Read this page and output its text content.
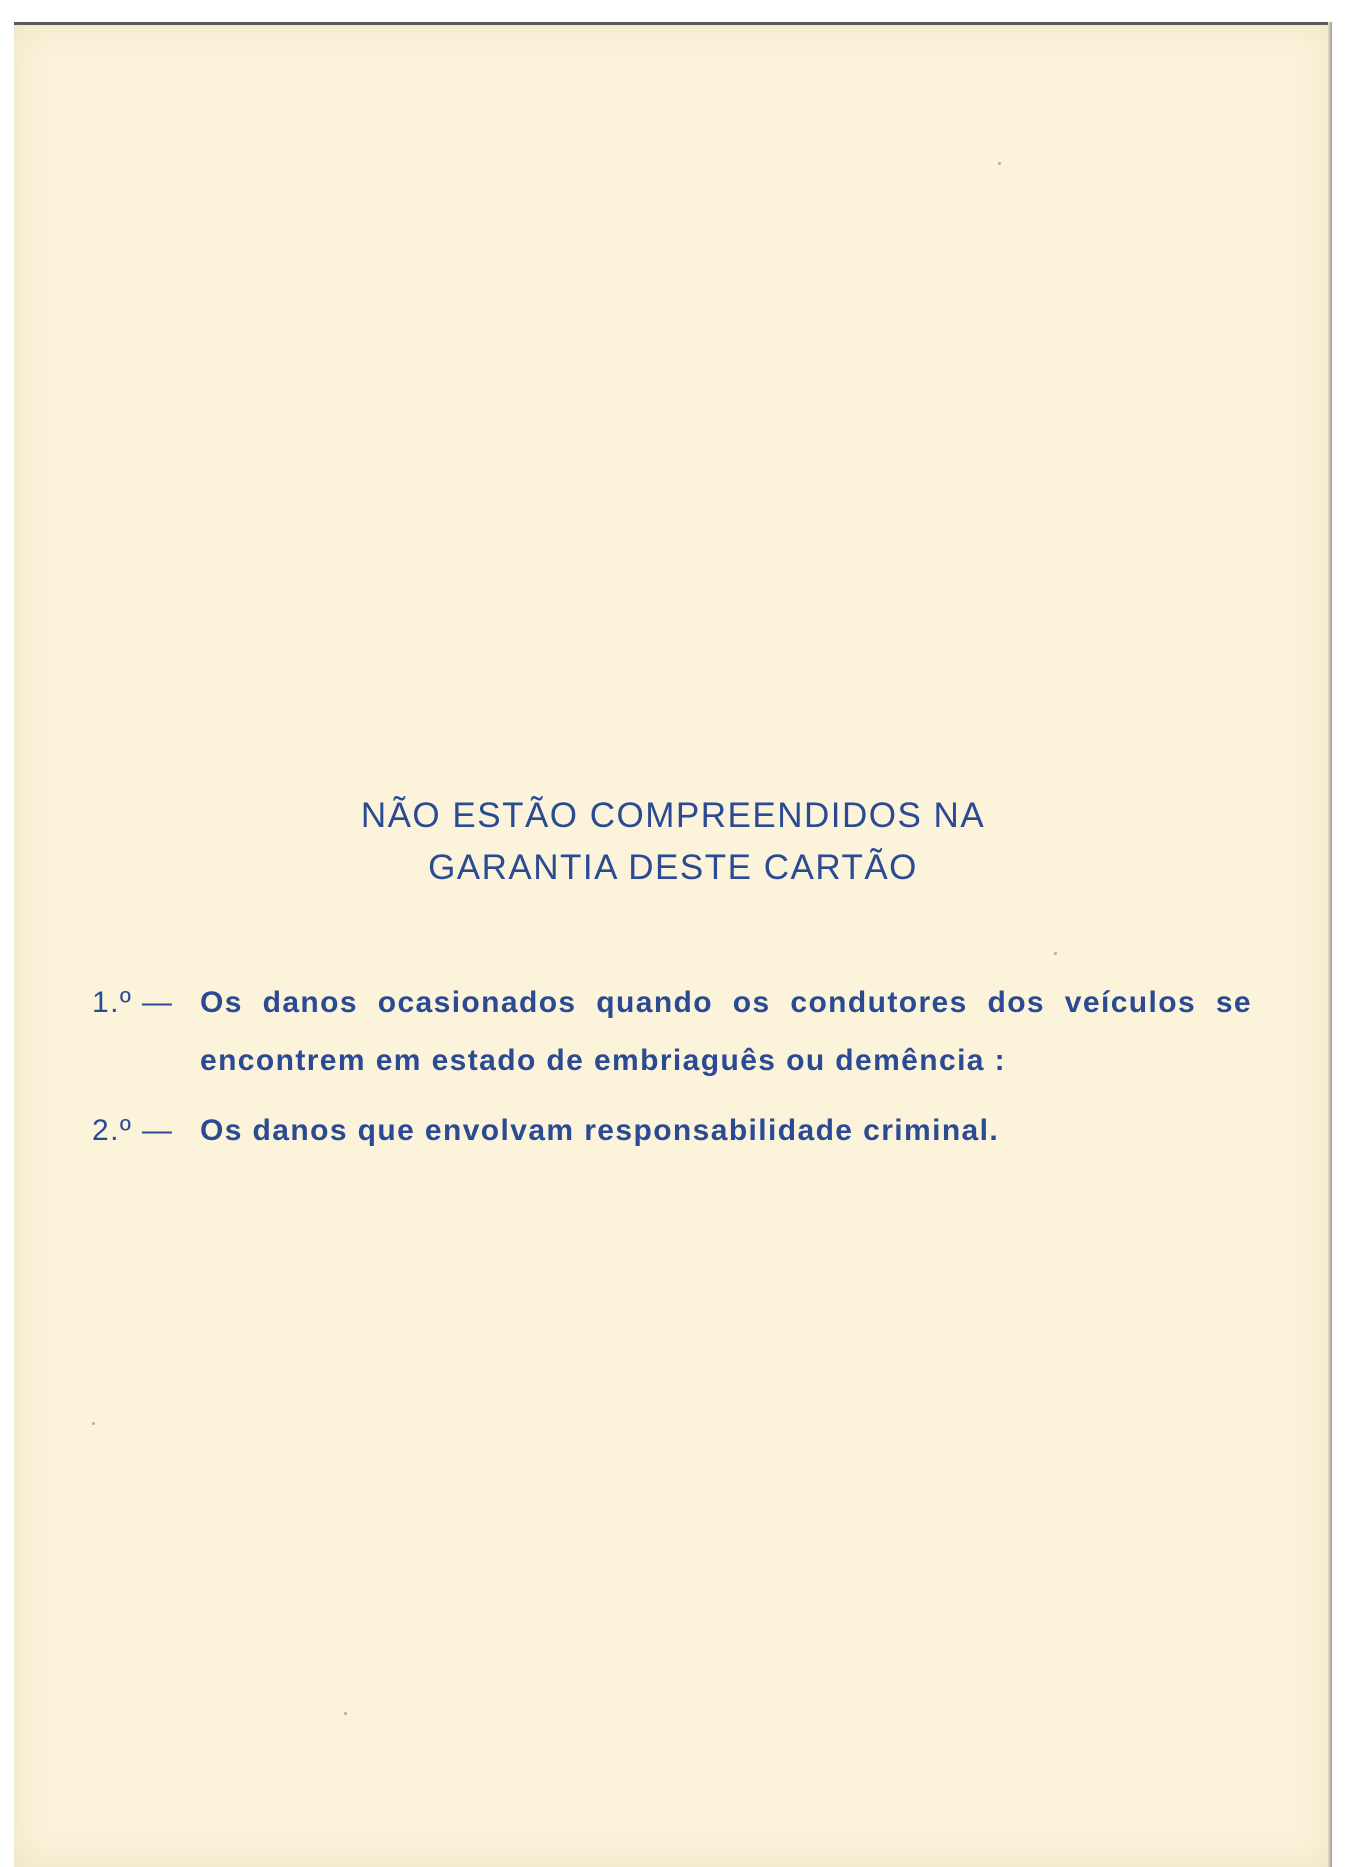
NÃO ESTÃO COMPREENDIDOS NA
GARANTIA DESTE CARTÃO
1.º — Os danos ocasionados quando os condutores dos veículos se encontrem em estado de embriaguês ou demência :
2.º — Os danos que envolvam responsabilidade criminal.
